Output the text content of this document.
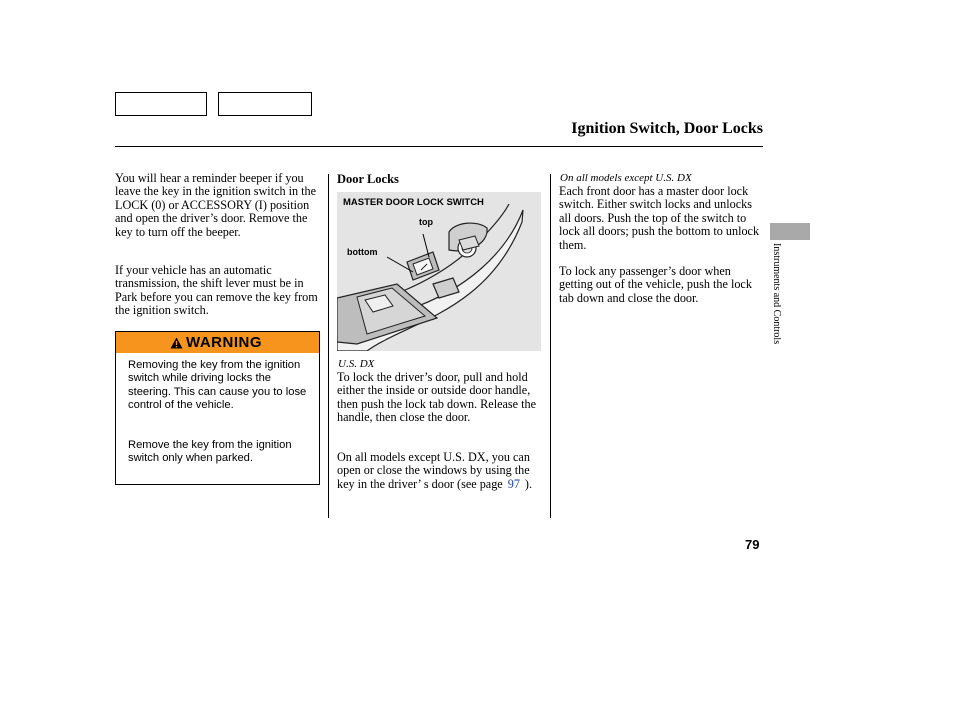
Ignition Switch, Door Locks

You will hear a reminder beeper if you leave the key in the ignition switch in the LOCK (0) or ACCESSORY (I) position and open the driver’s door. Remove the key to turn off the beeper.

If your vehicle has an automatic transmission, the shift lever must be in Park before you can remove the key from the ignition switch.

WARNING

Removing the key from the ignition switch while driving locks the steering. This can cause you to lose control of the vehicle.

Remove the key from the ignition switch only when parked.

Door Locks
MASTER DOOR LOCK SWITCH
top
bottom
U.S. DX

To lock the driver’s door, pull and hold either the inside or outside door handle, then push the lock tab down. Release the handle, then close the door.

On all models except U.S. DX, you can open or close the windows by using the key in the driver’ s door (see page 97 ).

On all models except U.S. DX

Each front door has a master door lock switch. Either switch locks and unlocks all doors. Push the top of the switch to lock all doors; push the bottom to unlock them.

To lock any passenger’s door when getting out of the vehicle, push the lock tab down and close the door.	Instruments and Controls
79
